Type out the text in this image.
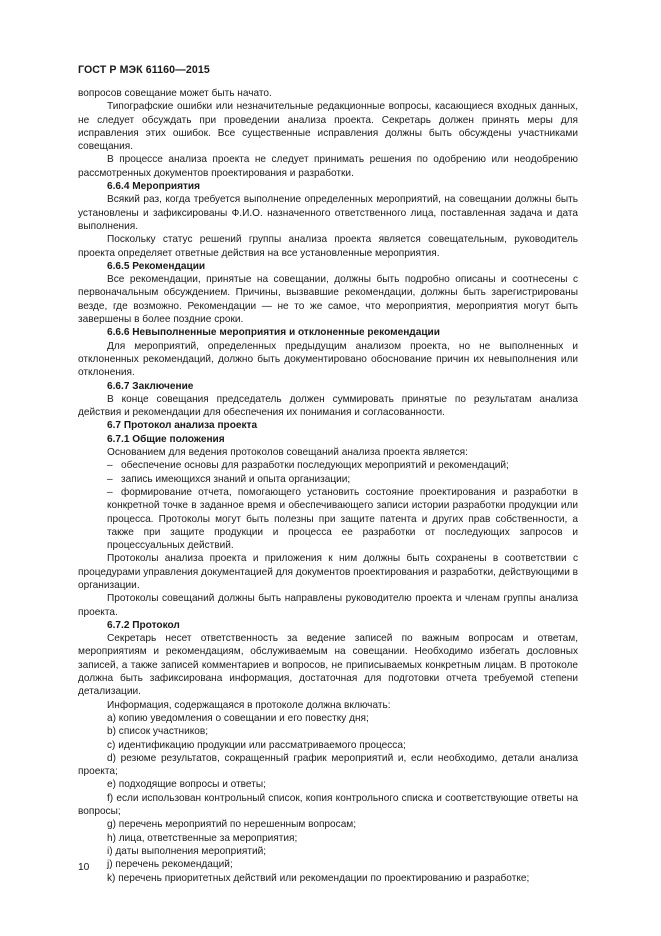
ГОСТ Р МЭК 61160—2015

вопросов совещание может быть начато.

Типографские ошибки или незначительные редакционные вопросы, касающиеся входных данных, не следует обсуждать при проведении анализа проекта. Секретарь должен принять меры для исправления этих ошибок. Все существенные исправления должны быть обсуждены участниками совещания.

В процессе анализа проекта не следует принимать решения по одобрению или неодобрению рассмотренных документов проектирования и разработки.

6.6.4 Мероприятия

Всякий раз, когда требуется выполнение определенных мероприятий, на совещании должны быть установлены и зафиксированы Ф.И.О. назначенного ответственного лица, поставленная задача и дата выполнения.

Поскольку статус решений группы анализа проекта является совещательным, руководитель проекта определяет ответные действия на все установленные мероприятия.

6.6.5 Рекомендации

Все рекомендации, принятые на совещании, должны быть подробно описаны и соотнесены с первоначальным обсуждением. Причины, вызвавшие рекомендации, должны быть зарегистрированы везде, где возможно. Рекомендации — не то же самое, что мероприятия, мероприятия могут быть завершены в более поздние сроки.

6.6.6 Невыполненные мероприятия и отклоненные рекомендации

Для мероприятий, определенных предыдущим анализом проекта, но не выполненных и отклоненных рекомендаций, должно быть документировано обоснование причин их невыполнения или отклонения.

6.6.7 Заключение

В конце совещания председатель должен суммировать принятые по результатам анализа действия и рекомендации для обеспечения их понимания и согласованности.

6.7 Протокол анализа проекта
6.7.1 Общие положения

Основанием для ведения протоколов совещаний анализа проекта является:

– обеспечение основы для разработки последующих мероприятий и рекомендаций;

– запись имеющихся знаний и опыта организации;

– формирование отчета, помогающего установить состояние проектирования и разработки в конкретной точке в заданное время и обеспечивающего записи истории разработки продукции или процесса. Протоколы могут быть полезны при защите патента и других прав собственности, а также при защите продукции и процесса ее разработки от последующих запросов и процессуальных действий.

Протоколы анализа проекта и приложения к ним должны быть сохранены в соответствии с процедурами управления документацией для документов проектирования и разработки, действующими в организации.

Протоколы совещаний должны быть направлены руководителю проекта и членам группы анализа проекта.

6.7.2 Протокол

Секретарь несет ответственность за ведение записей по важным вопросам и ответам, мероприятиям и рекомендациям, обслуживаемым на совещании. Необходимо избегать дословных записей, а также записей комментариев и вопросов, не приписываемых конкретным лицам. В протоколе должна быть зафиксирована информация, достаточная для подготовки отчета требуемой степени детализации.

Информация, содержащаяся в протоколе должна включать:

a) копию уведомления о совещании и его повестку дня;

b) список участников;

c) идентификацию продукции или рассматриваемого процесса;

d) резюме результатов, сокращенный график мероприятий и, если необходимо, детали анализа проекта;

e) подходящие вопросы и ответы;

f) если использован контрольный список, копия контрольного списка и соответствующие ответы на вопросы;

g) перечень мероприятий по нерешенным вопросам;

h) лица, ответственные за мероприятия;

i) даты выполнения мероприятий;

j) перечень рекомендаций;

k) перечень приоритетных действий или рекомендации по проектированию и разработке;

10
